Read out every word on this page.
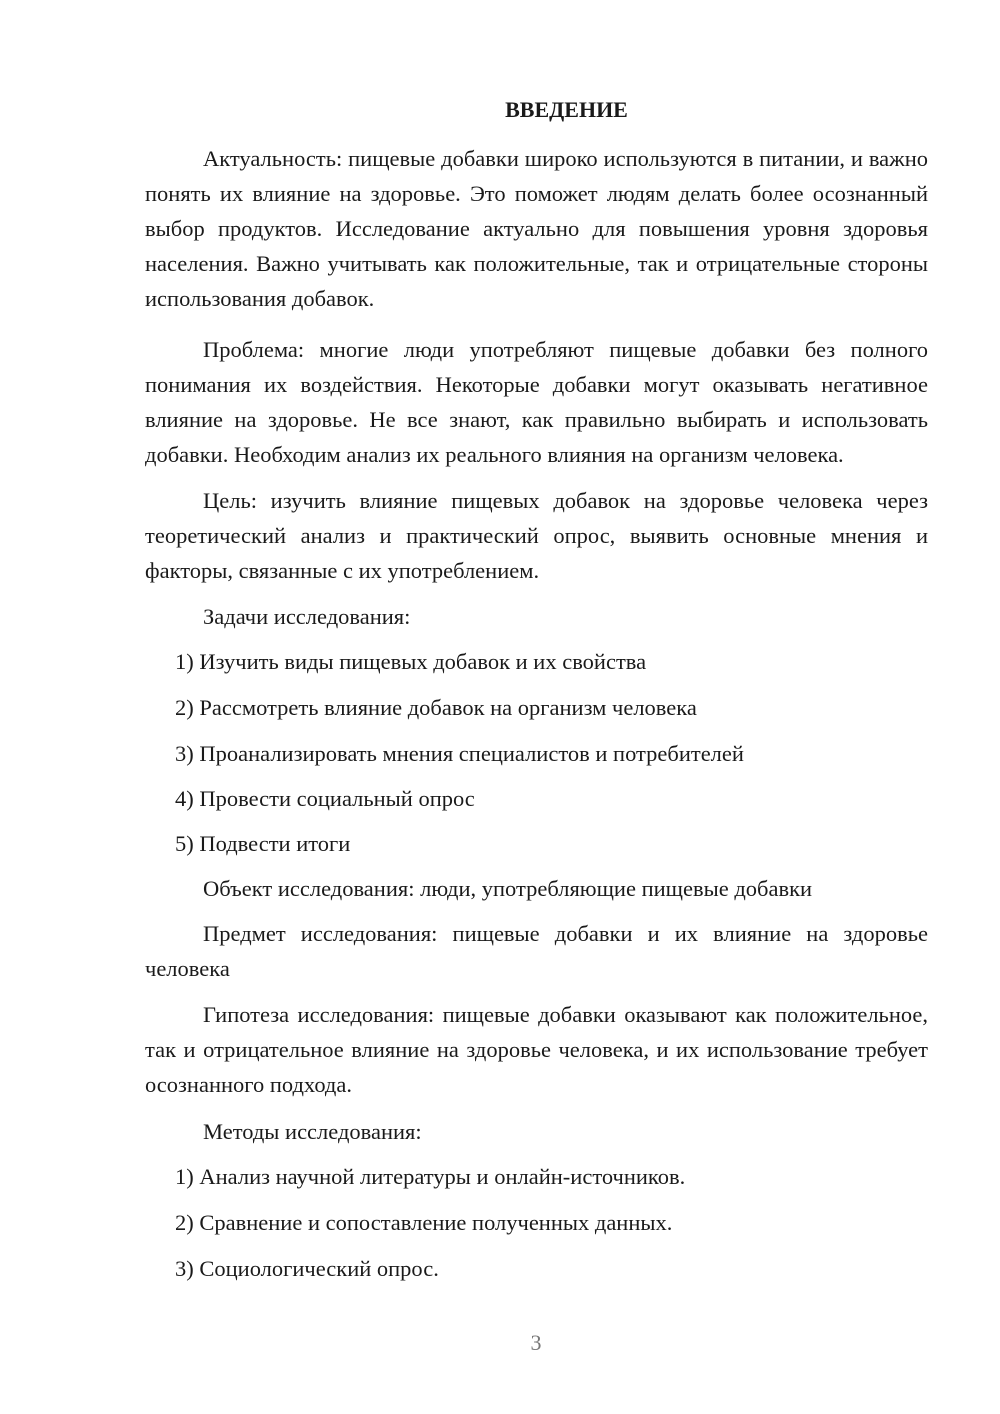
ВВЕДЕНИЕ

Актуальность: пищевые добавки широко используются в питании, и важно понять их влияние на здоровье. Это поможет людям делать более осознанный выбор продуктов. Исследование актуально для повышения уровня здоровья населения. Важно учитывать как положительные, так и отрицательные стороны использования добавок.

Проблема: многие люди употребляют пищевые добавки без полного понимания их воздействия. Некоторые добавки могут оказывать негативное влияние на здоровье. Не все знают, как правильно выбирать и использовать добавки. Необходим анализ их реального влияния на организм человека.

Цель: изучить влияние пищевых добавок на здоровье человека через теоретический анализ и практический опрос, выявить основные мнения и факторы, связанные с их употреблением.

Задачи исследования:

1) Изучить виды пищевых добавок и их свойства

2) Рассмотреть влияние добавок на организм человека

3) Проанализировать мнения специалистов и потребителей

4) Провести социальный опрос

5) Подвести итоги

Объект исследования: люди, употребляющие пищевые добавки

Предмет исследования: пищевые добавки и их влияние на здоровье человека

Гипотеза исследования: пищевые добавки оказывают как положительное, так и отрицательное влияние на здоровье человека, и их использование требует осознанного подхода.

Методы исследования:

1) Анализ научной литературы и онлайн-источников.

2) Сравнение и сопоставление полученных данных.

3) Социологический опрос.

3
